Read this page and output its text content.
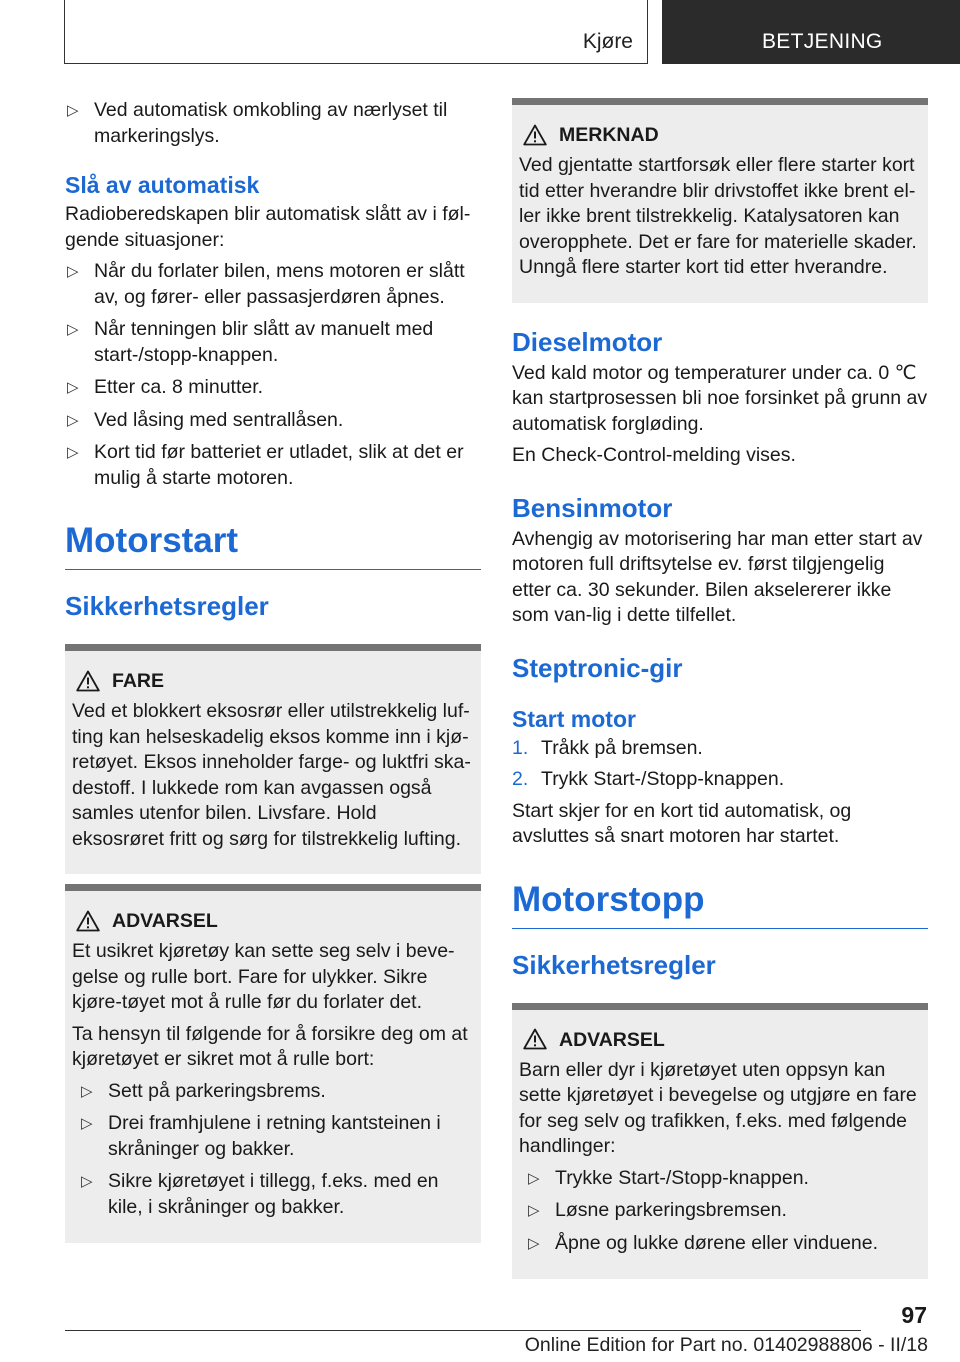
Kjøre	BETJENING
▷ Ved automatisk omkobling av nærlyset til markeringslys.
Slå av automatisk

Radioberedskapen blir automatisk slått av i føl-gende situasjoner:

▷ Når du forlater bilen, mens motoren er slått av, og fører- eller passasjerdøren åpnes.
▷ Når tenningen blir slått av manuelt med start-/stopp-knappen.
▷ Etter ca. 8 minutter.
▷ Ved låsing med sentrallåsen.
▷ Kort tid før batteriet er utladet, slik at det er mulig å starte motoren.
Motorstart
Sikkerhetsregler
FARE

Ved et blokkert eksosrør eller utilstrekkelig luf-ting kan helseskadelig eksos komme inn i kjø-retøyet. Eksos inneholder farge- og luktfri ska-destoff. I lukkede rom kan avgassen også samles utenfor bilen. Livsfare. Hold eksosrøret fritt og sørg for tilstrekkelig lufting.

ADVARSEL

Et usikret kjøretøy kan sette seg selv i beve-gelse og rulle bort. Fare for ulykker. Sikre kjøre-tøyet mot å rulle før du forlater det.

Ta hensyn til følgende for å forsikre deg om at kjøretøyet er sikret mot å rulle bort:

▷ Sett på parkeringsbrems.
▷ Drei framhjulene i retning kantsteinen i skråninger og bakker.
▷ Sikre kjøretøyet i tillegg, f.eks. med en kile, i skråninger og bakker.
MERKNAD

Ved gjentatte startforsøk eller flere starter kort tid etter hverandre blir drivstoffet ikke brent el-ler ikke brent tilstrekkelig. Katalysatoren kan overopphete. Det er fare for materielle skader. Unngå flere starter kort tid etter hverandre.

Dieselmotor

Ved kald motor og temperaturer under ca. 0 ℃ kan startprosessen bli noe forsinket på grunn av automatisk forgløding.

En Check-Control-melding vises.

Bensinmotor

Avhengig av motorisering har man etter start av motoren full driftsytelse ev. først tilgjengelig etter ca. 30 sekunder. Bilen akselererer ikke som van-lig i dette tilfellet.

Steptronic-gir
Start motor
1. Tråkk på bremsen.
2. Trykk Start-/Stopp-knappen.

Start skjer for en kort tid automatisk, og avsluttes så snart motoren har startet.

Motorstopp
Sikkerhetsregler
ADVARSEL

Barn eller dyr i kjøretøyet uten oppsyn kan sette kjøretøyet i bevegelse og utgjøre en fare for seg selv og trafikken, f.eks. med følgende handlinger:

▷ Trykke Start-/Stopp-knappen.
▷ Løsne parkeringsbremsen.
▷ Åpne og lukke dørene eller vinduene.
97
Online Edition for Part no. 01402988806 - II/18
